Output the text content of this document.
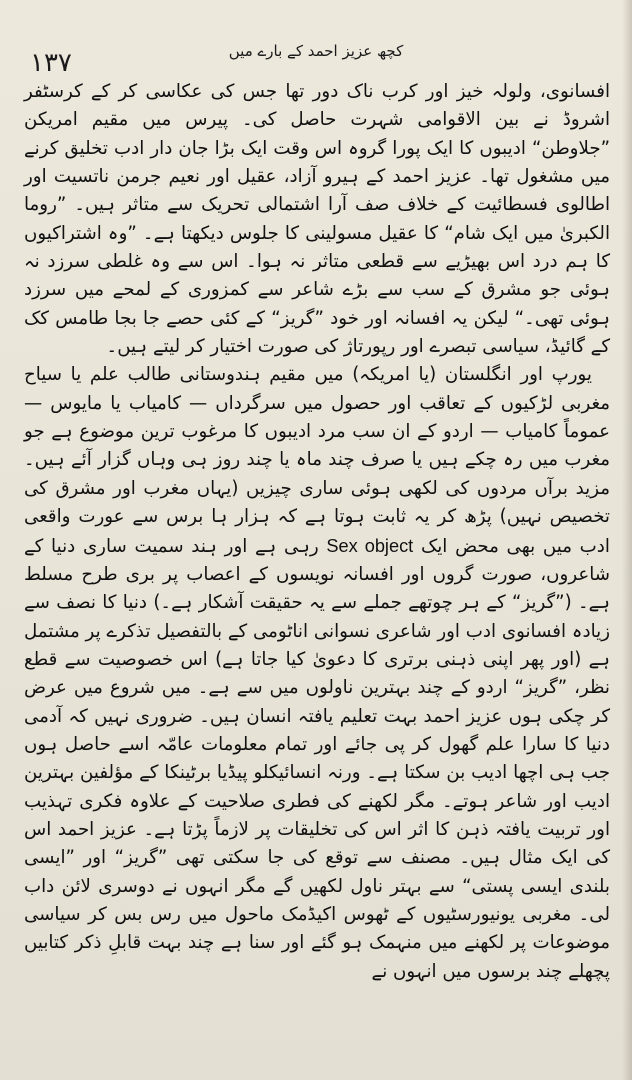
۱۳۷	کچھ عزیز احمد کے بارے میں

افسانوی، ولولہ خیز اور کرب ناک دور تھا جس کی عکاسی کر کے کرسٹفر اشروڈ نے بین الاقوامی شہرت حاصل کی۔ پیرس میں مقیم امریکن ”جلاوطن“ ادیبوں کا ایک پورا گروہ اس وقت ایک بڑا جان دار ادب تخلیق کرنے میں مشغول تھا۔ عزیز احمد کے ہیرو آزاد، عقیل اور نعیم جرمن ناتسیت اور اطالوی فسطائیت کے خلاف صف آرا اشتمالی تحریک سے متاثر ہیں۔ ”روما الکبریٰ میں ایک شام“ کا عقیل مسولینی کا جلوس دیکھتا ہے۔ ”وہ اشتراکیوں کا ہم درد اس بھیڑیے سے قطعی متاثر نہ ہوا۔ اس سے وہ غلطی سرزد نہ ہوئی جو مشرق کے سب سے بڑے شاعر سے کمزوری کے لمحے میں سرزد ہوئی تھی۔“ لیکن یہ افسانہ اور خود ”گریز“ کے کئی حصے جا بجا طامس کک کے گائیڈ، سیاسی تبصرے اور رپورتاژ کی صورت اختیار کر لیتے ہیں۔

یورپ اور انگلستان (یا امریکہ) میں مقیم ہندوستانی طالب علم یا سیاح مغربی لڑکیوں کے تعاقب اور حصول میں سرگرداں — کامیاب یا مایوس — عموماً کامیاب — اردو کے ان سب مرد ادیبوں کا مرغوب ترین موضوع ہے جو مغرب میں رہ چکے ہیں یا صرف چند ماہ یا چند روز ہی وہاں گزار آئے ہیں۔ مزید برآں مردوں کی لکھی ہوئی ساری چیزیں (یہاں مغرب اور مشرق کی تخصیص نہیں) پڑھ کر یہ ثابت ہوتا ہے کہ ہزار ہا برس سے عورت واقعی ادب میں بھی محض ایک Sex object رہی ہے اور ہند سمیت ساری دنیا کے شاعروں، صورت گروں اور افسانہ نویسوں کے اعصاب پر بری طرح مسلط ہے۔ (”گریز“ کے ہر چوتھے جملے سے یہ حقیقت آشکار ہے۔) دنیا کا نصف سے زیادہ افسانوی ادب اور شاعری نسوانی اناٹومی کے بالتفصیل تذکرے پر مشتمل ہے (اور پھر اپنی ذہنی برتری کا دعویٰ کیا جاتا ہے) اس خصوصیت سے قطع نظر، ”گریز“ اردو کے چند بہترین ناولوں میں سے ہے۔ میں شروع میں عرض کر چکی ہوں عزیز احمد بہت تعلیم یافتہ انسان ہیں۔ ضروری نہیں کہ آدمی دنیا کا سارا علم گھول کر پی جائے اور تمام معلومات عامّہ اسے حاصل ہوں جب ہی اچھا ادیب بن سکتا ہے۔ ورنہ انسائیکلو پیڈیا برٹینکا کے مؤلفین بہترین ادیب اور شاعر ہوتے۔ مگر لکھنے کی فطری صلاحیت کے علاوہ فکری تہذیب اور تربیت یافتہ ذہن کا اثر اس کی تخلیقات پر لازماً پڑتا ہے۔ عزیز احمد اس کی ایک مثال ہیں۔ مصنف سے توقع کی جا سکتی تھی ”گریز“ اور ”ایسی بلندی ایسی پستی“ سے بہتر ناول لکھیں گے مگر انہوں نے دوسری لائن داب لی۔ مغربی یونیورسٹیوں کے ٹھوس اکیڈمک ماحول میں رس بس کر سیاسی موضوعات پر لکھنے میں منہمک ہو گئے اور سنا ہے چند بہت قابلِ ذکر کتابیں پچھلے چند برسوں میں انہوں نے
